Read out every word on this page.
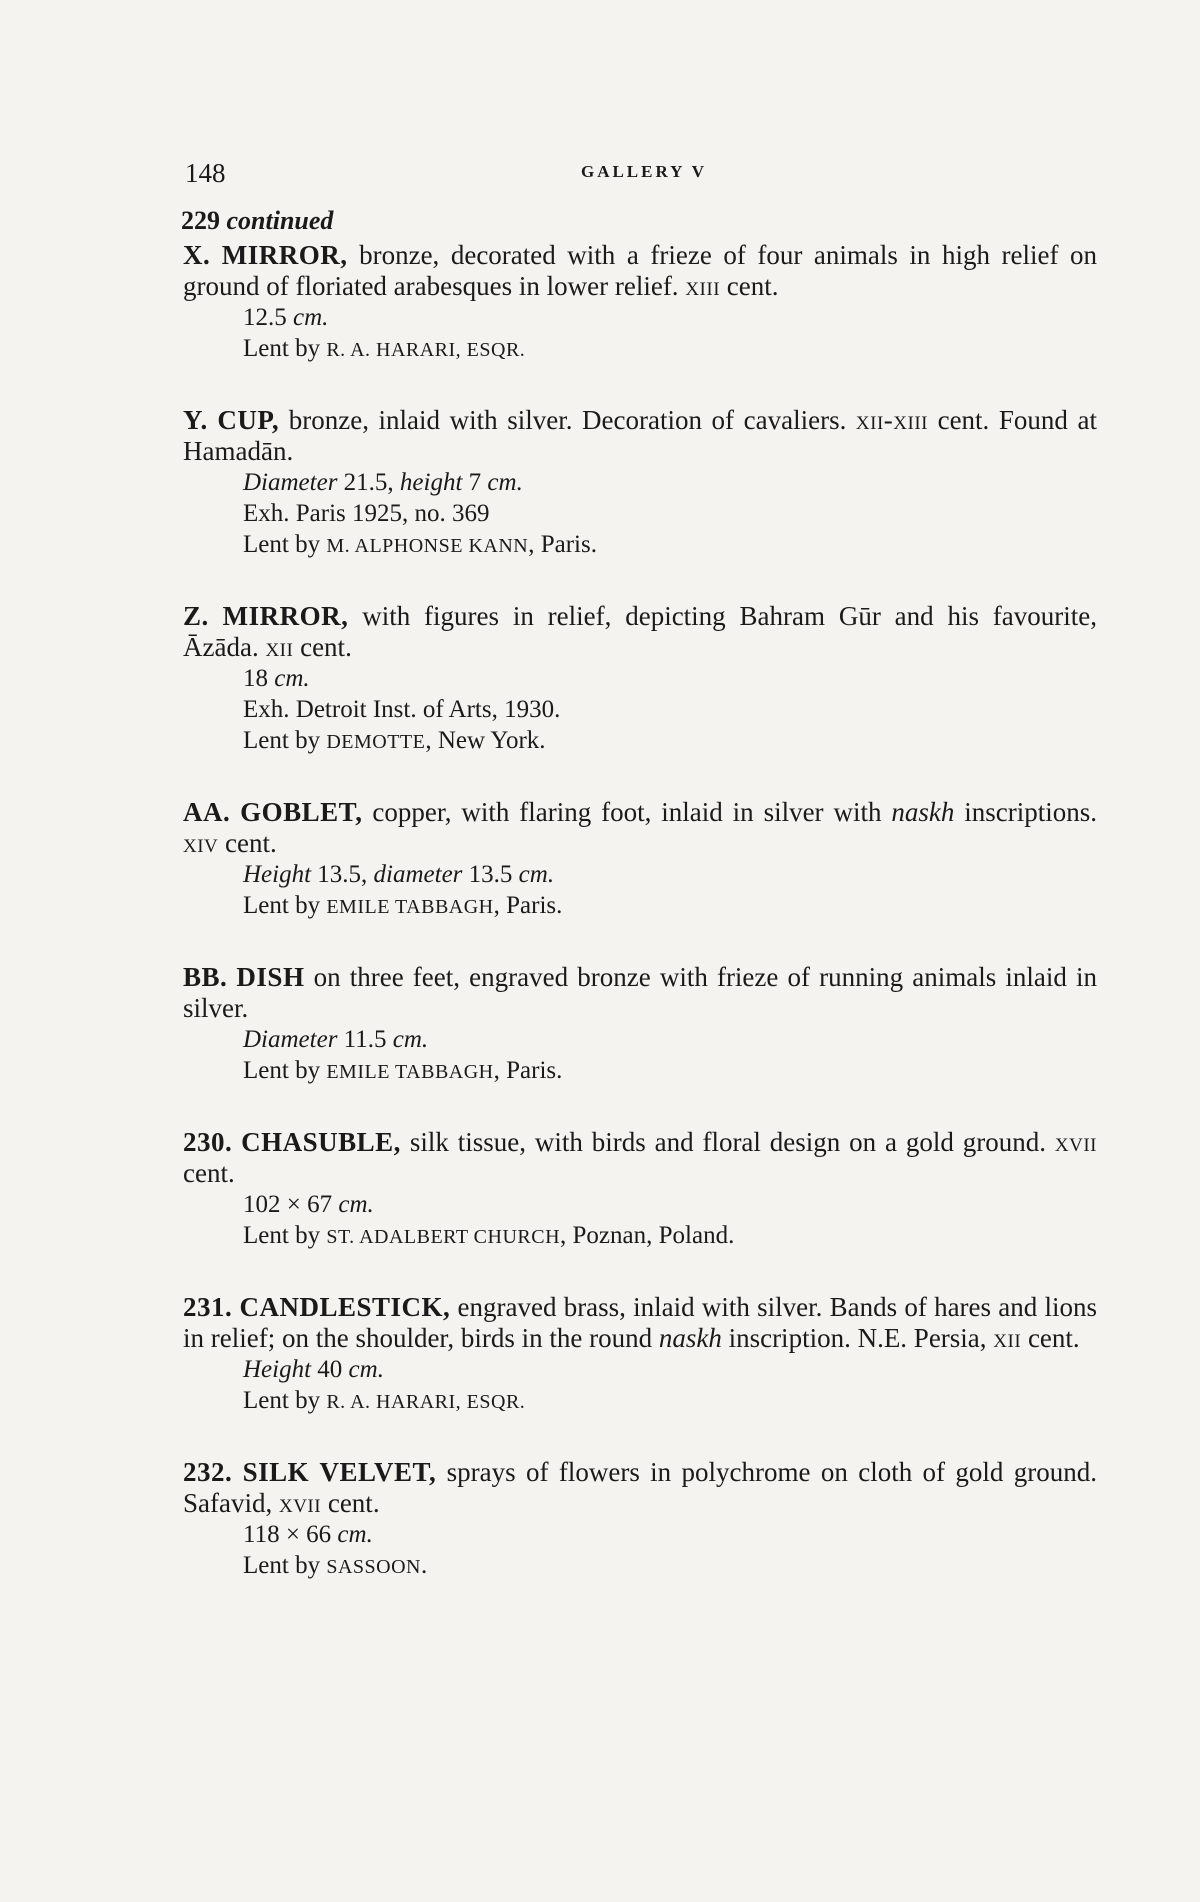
148	GALLERY V
229 continued

X. MIRROR, bronze, decorated with a frieze of four animals in high relief on ground of floriated arabesques in lower relief. xiii cent.

12.5 cm.

Lent by R. A. HARARI, ESQR.

Y. CUP, bronze, inlaid with silver. Decoration of cavaliers. xii-xiii cent. Found at Hamadān.

Diameter 21.5, height 7 cm.

Exh. Paris 1925, no. 369

Lent by M. ALPHONSE KANN, Paris.

Z. MIRROR, with figures in relief, depicting Bahram Gūr and his favourite, Āzāda. xii cent.

18 cm.

Exh. Detroit Inst. of Arts, 1930.

Lent by DEMOTTE, New York.

AA. GOBLET, copper, with flaring foot, inlaid in silver with naskh inscriptions. xiv cent.

Height 13.5, diameter 13.5 cm.

Lent by EMILE TABBAGH, Paris.

BB. DISH on three feet, engraved bronze with frieze of running animals inlaid in silver.

Diameter 11.5 cm.

Lent by EMILE TABBAGH, Paris.

230. CHASUBLE, silk tissue, with birds and floral design on a gold ground. xvii cent.

102 × 67 cm.

Lent by ST. ADALBERT CHURCH, Poznan, Poland.

231. CANDLESTICK, engraved brass, inlaid with silver. Bands of hares and lions in relief; on the shoulder, birds in the round naskh inscription. N.E. Persia, xii cent.

Height 40 cm.

Lent by R. A. HARARI, ESQR.

232. SILK VELVET, sprays of flowers in polychrome on cloth of gold ground. Safavid, xvii cent.

118 × 66 cm.

Lent by SASSOON.
